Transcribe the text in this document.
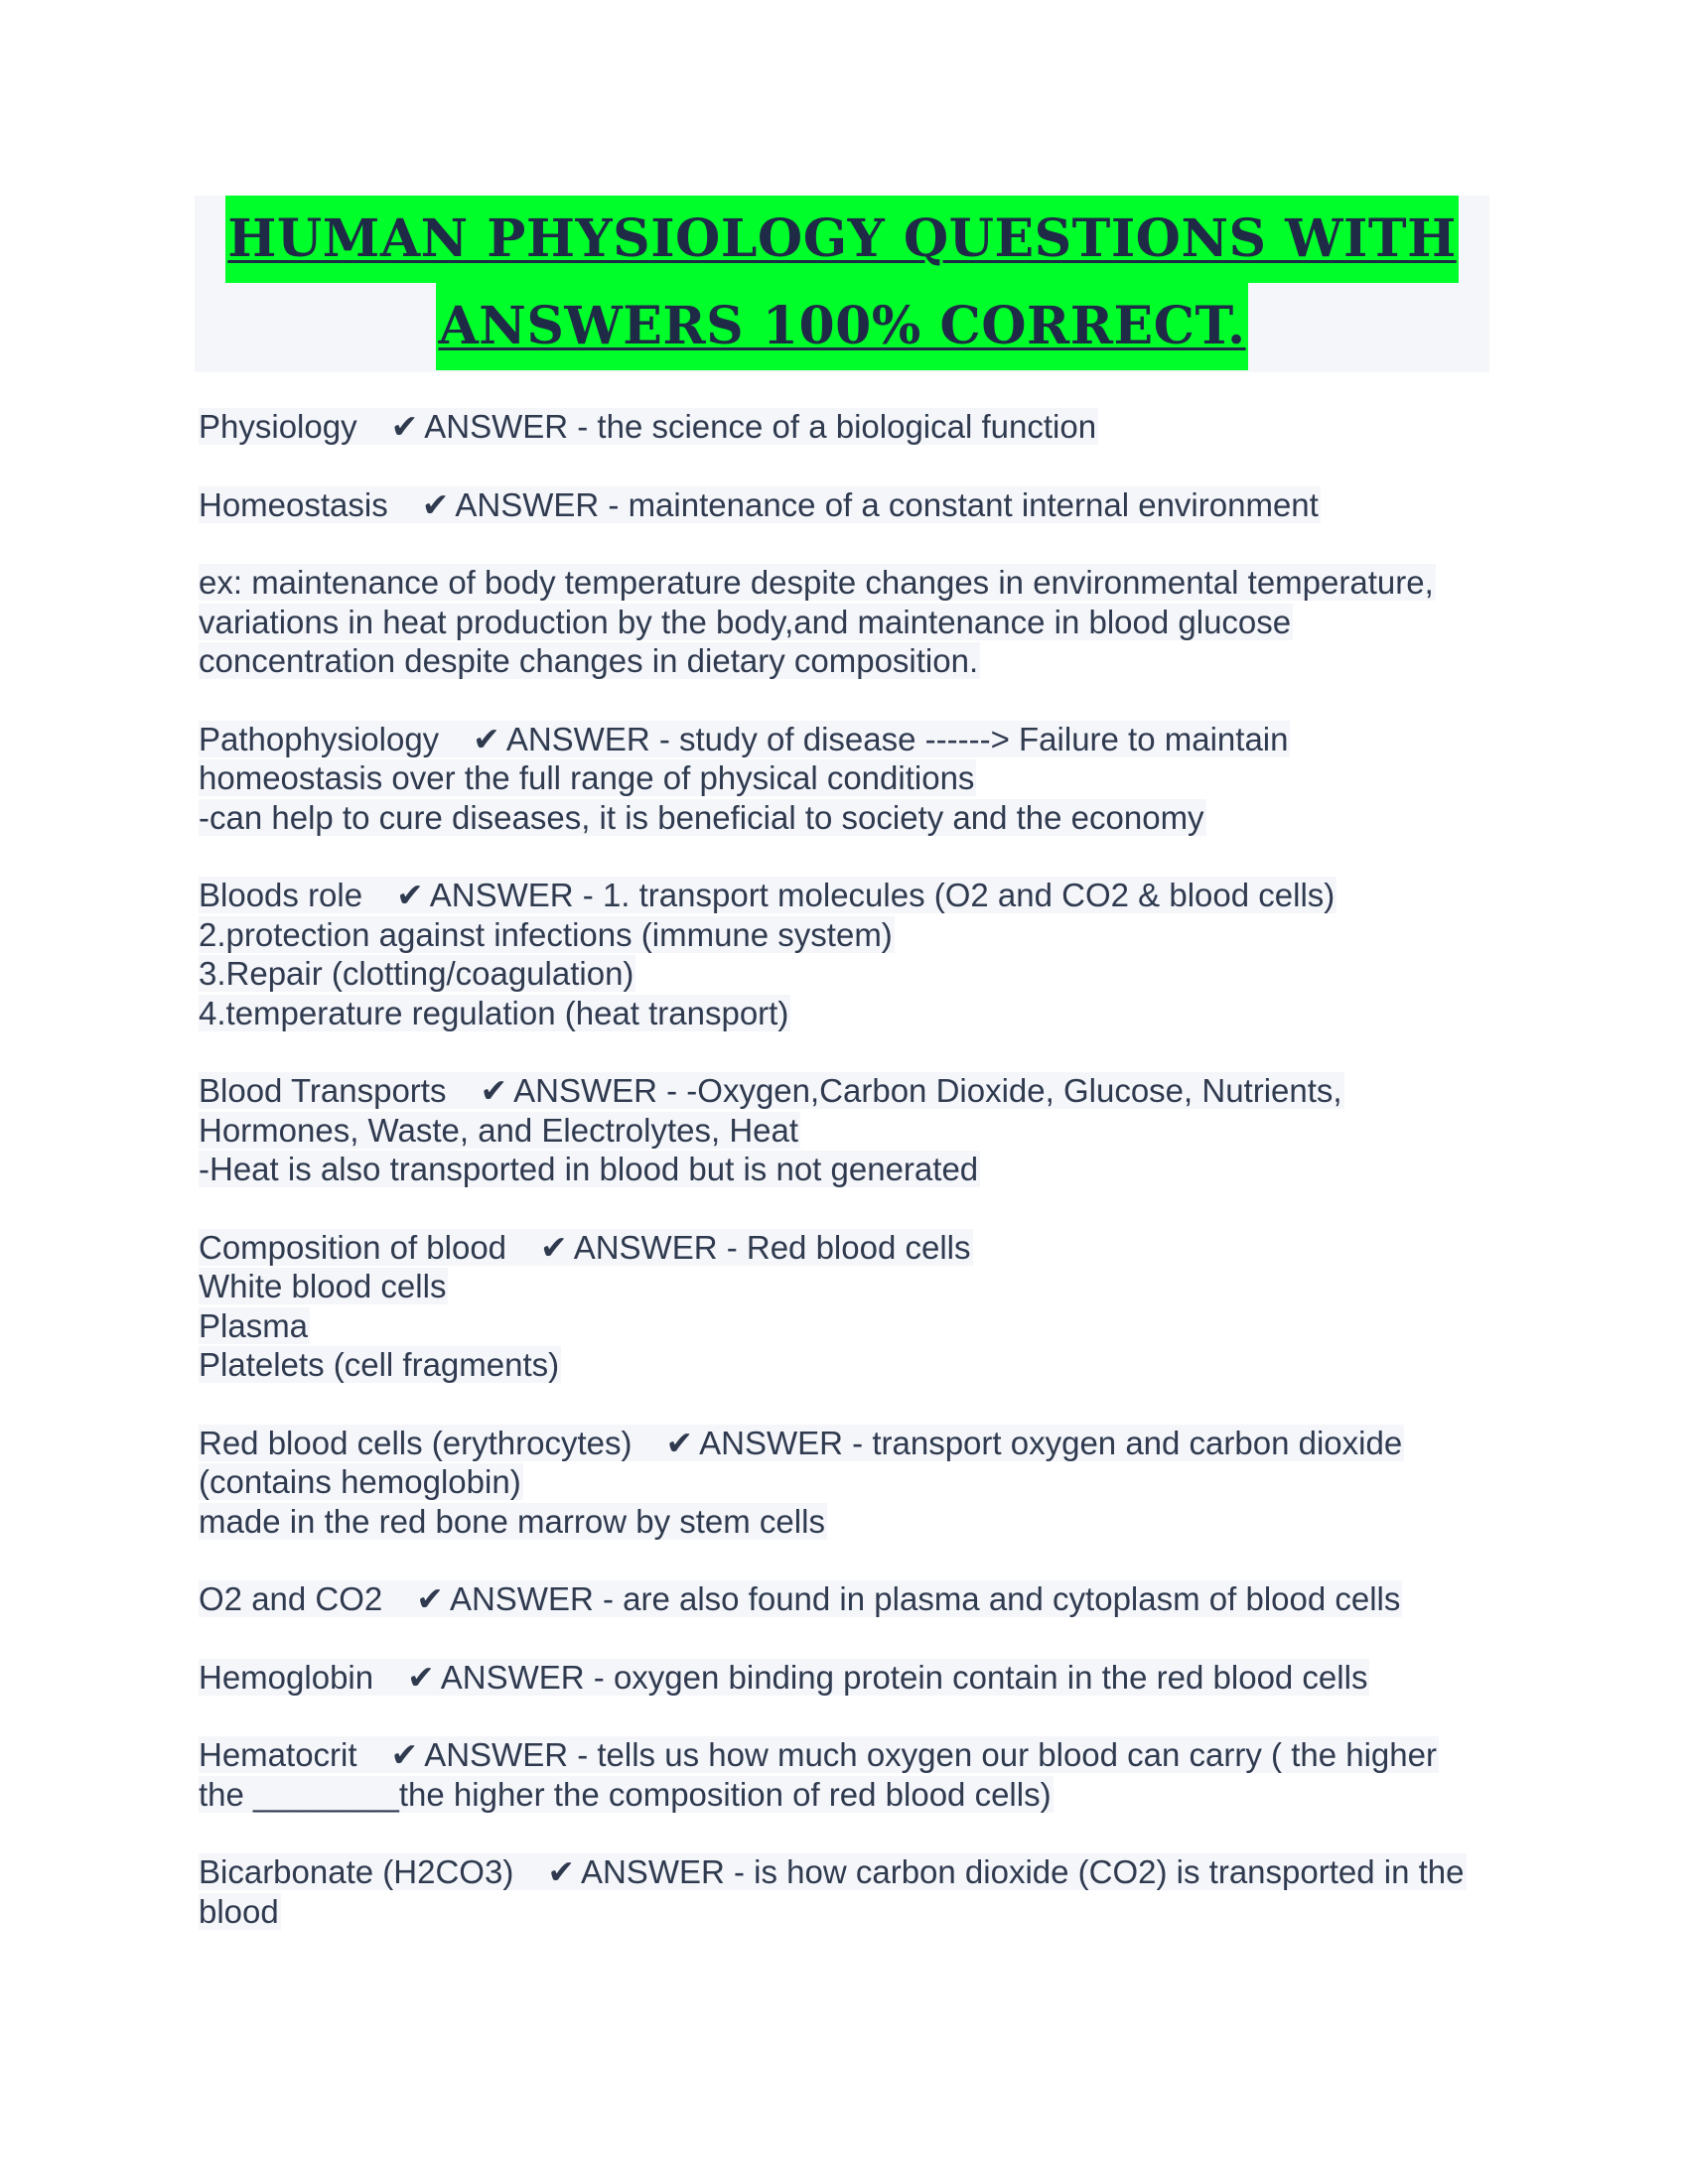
HUMAN PHYSIOLOGY QUESTIONS WITH
ANSWERS 100% CORRECT.
Physiology ✔ ANSWER - the science of a biological function
Homeostasis ✔ ANSWER - maintenance of a constant internal environment
ex: maintenance of body temperature despite changes in environmental temperature,
variations in heat production by the body,and maintenance in blood glucose
concentration despite changes in dietary composition.
Pathophysiology ✔ ANSWER - study of disease ------> Failure to maintain
homeostasis over the full range of physical conditions
-can help to cure diseases, it is beneficial to society and the economy
Bloods role ✔ ANSWER - 1. transport molecules (O2 and CO2 & blood cells)
2.protection against infections (immune system)
3.Repair (clotting/coagulation)
4.temperature regulation (heat transport)
Blood Transports ✔ ANSWER - -Oxygen,Carbon Dioxide, Glucose, Nutrients,
Hormones, Waste, and Electrolytes, Heat
-Heat is also transported in blood but is not generated
Composition of blood ✔ ANSWER - Red blood cells
White blood cells
Plasma
Platelets (cell fragments)
Red blood cells (erythrocytes) ✔ ANSWER - transport oxygen and carbon dioxide
(contains hemoglobin)
made in the red bone marrow by stem cells
O2 and CO2 ✔ ANSWER - are also found in plasma and cytoplasm of blood cells
Hemoglobin ✔ ANSWER - oxygen binding protein contain in the red blood cells
Hematocrit ✔ ANSWER - tells us how much oxygen our blood can carry ( the higher
the ________the higher the composition of red blood cells)
Bicarbonate (H2CO3) ✔ ANSWER - is how carbon dioxide (CO2) is transported in the
blood
